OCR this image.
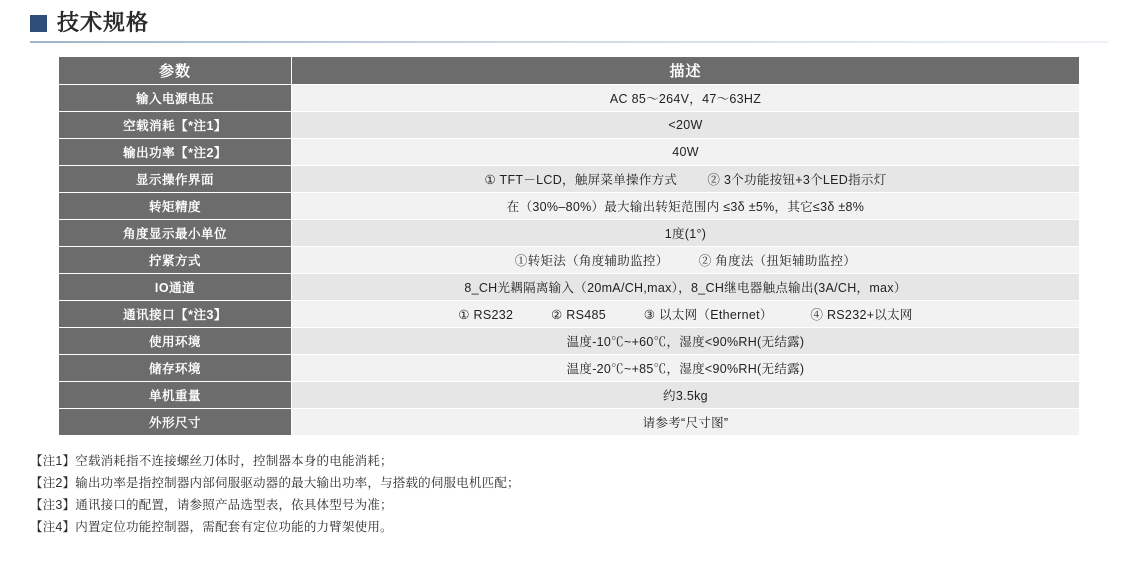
技术规格
参数	描述
输入电源电压	AC 85～264V，47～63HZ

空载消耗【*注1】	<20W

输出功率【*注2】	40W

显示操作界面	① TFT－LCD，触屏菜单操作方式        ② 3个功能按钮+3个LED指示灯

转矩精度	在（30%–80%）最大输出转矩范围内 ≤3δ ±5%，其它≤3δ ±8%

角度显示最小单位	1度(1°)

拧紧方式	①转矩法（角度辅助监控）        ② 角度法（扭矩辅助监控）

IO通道	8_CH光耦隔离输入（20mA/CH,max），8_CH继电器触点输出(3A/CH，max）

通讯接口【*注3】	① RS232          ② RS485          ③ 以太网（Ethernet）          ④ RS232+以太网

使用环境	温度-10℃~+60℃，湿度<90%RH(无结露)

储存环境	温度-20℃~+85℃，湿度<90%RH(无结露)

单机重量	约3.5kg

外形尺寸	请参考“尺寸图”
【注1】空载消耗指不连接螺丝刀体时，控制器本身的电能消耗；
【注2】输出功率是指控制器内部伺服驱动器的最大输出功率，与搭载的伺服电机匹配；
【注3】通讯接口的配置，请参照产品选型表，依具体型号为准；
【注4】内置定位功能控制器，需配套有定位功能的力臂架使用。
